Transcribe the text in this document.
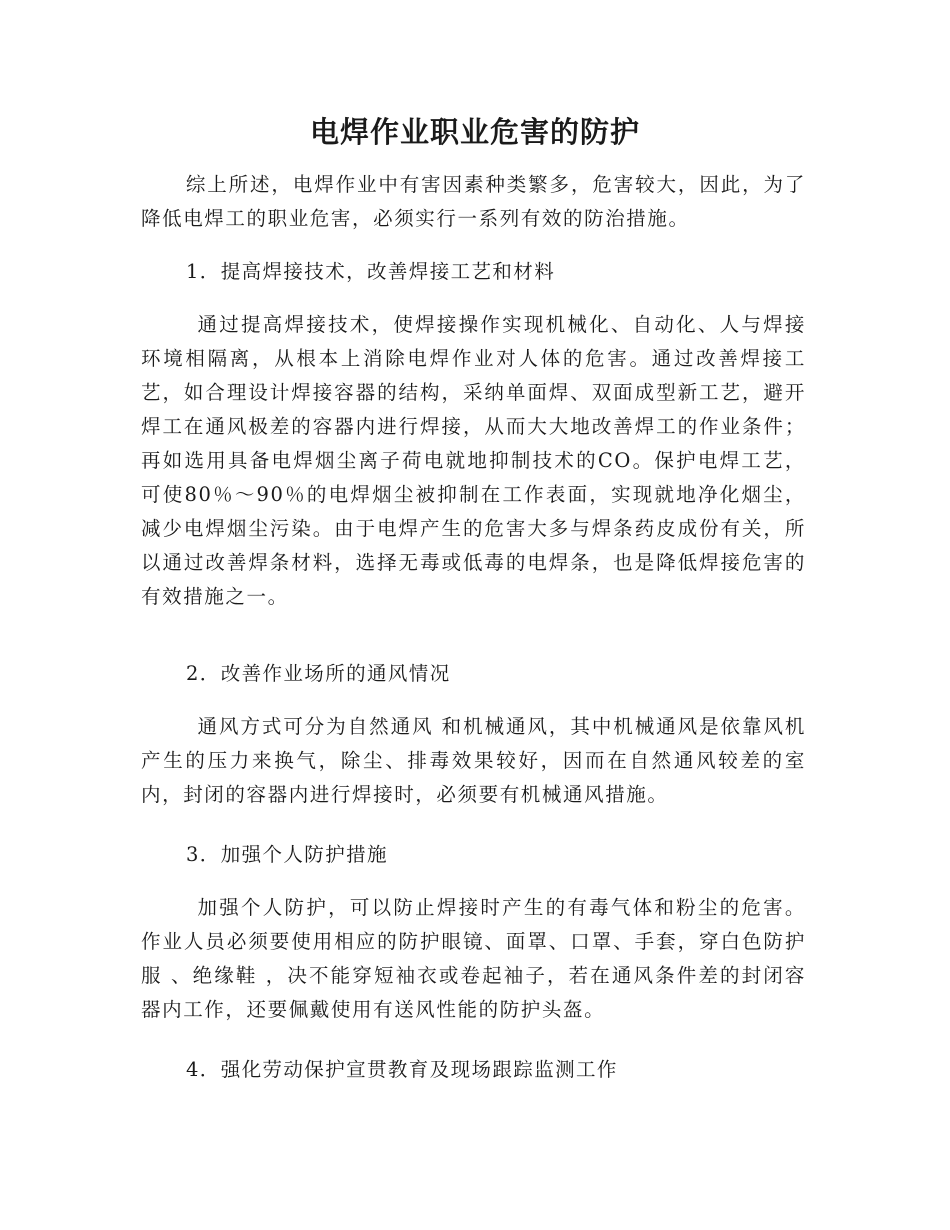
电焊作业职业危害的防护

综上所述，电焊作业中有害因素种类繁多，危害较大，因此，为了降低电焊工的职业危害，必须实行一系列有效的防治措施。

1．提高焊接技术，改善焊接工艺和材料

通过提高焊接技术，使焊接操作实现机械化、自动化、人与焊接环境相隔离，从根本上消除电焊作业对人体的危害。通过改善焊接工艺，如合理设计焊接容器的结构，采纳单面焊、双面成型新工艺，避开焊工在通风极差的容器内进行焊接，从而大大地改善焊工的作业条件；再如选用具备电焊烟尘离子荷电就地抑制技术的CO。保护电焊工艺，可使80％～90％的电焊烟尘被抑制在工作表面，实现就地净化烟尘，减少电焊烟尘污染。由于电焊产生的危害大多与焊条药皮成份有关，所以通过改善焊条材料，选择无毒或低毒的电焊条，也是降低焊接危害的有效措施之一。

2．改善作业场所的通风情况

通风方式可分为自然通风 和机械通风，其中机械通风是依靠风机产生的压力来换气，除尘、排毒效果较好，因而在自然通风较差的室内，封闭的容器内进行焊接时，必须要有机械通风措施。

3．加强个人防护措施

加强个人防护，可以防止焊接时产生的有毒气体和粉尘的危害。作业人员必须要使用相应的防护眼镜、面罩、口罩、手套，穿白色防护服 、绝缘鞋 ，决不能穿短袖衣或卷起袖子，若在通风条件差的封闭容器内工作，还要佩戴使用有送风性能的防护头盔。

4．强化劳动保护宣贯教育及现场跟踪监测工作
